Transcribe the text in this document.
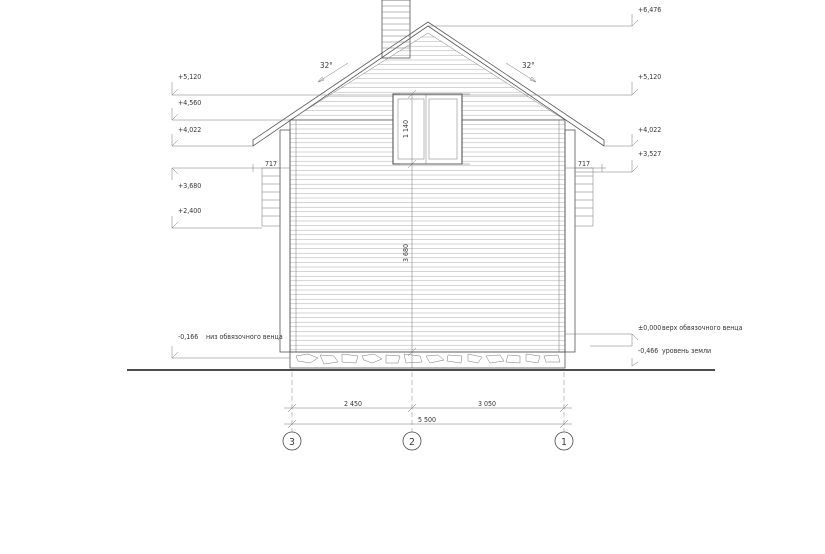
32°	32°
1 140
3 680
717	717
+5,120
+4,560
+4,022
+3,680
+2,400
-0,166 низ обвязочного венца
+6,476
+5,120
+4,022
+3,527
±0,000 верх обвязочного венца
-0,466 уровень земли
2 450	3 050
5 500
3	2	1
